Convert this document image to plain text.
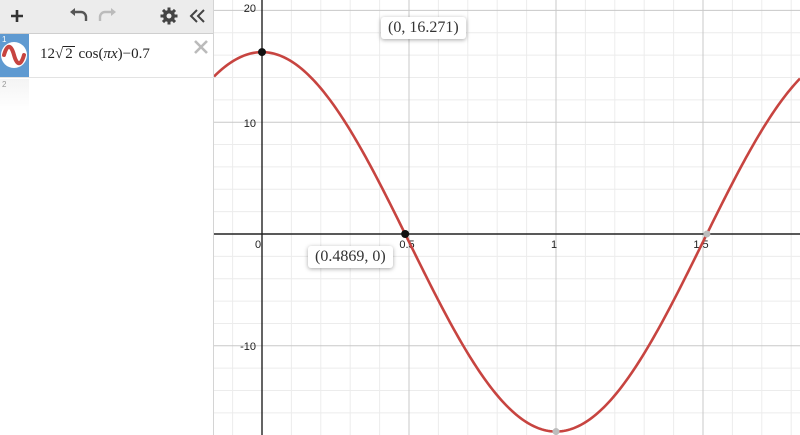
1
12√ 2 cos(πx)−0.7
2
0	0.5	1	1.5
20
10
-10
(0, 16.271)
(0.4869, 0)
